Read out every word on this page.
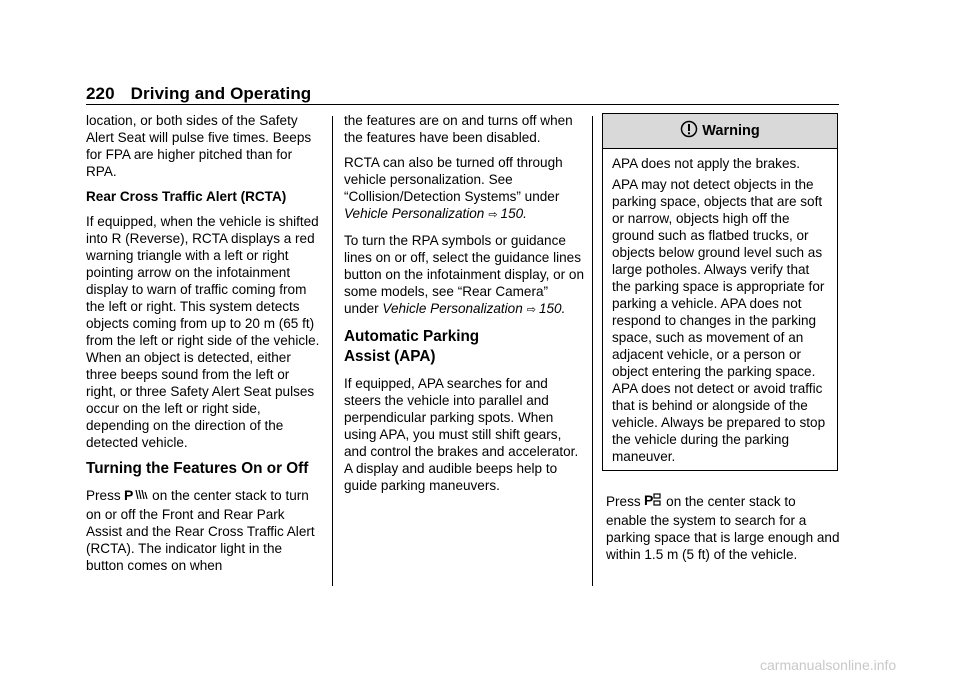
220 Driving and Operating

location, or both sides of the Safety Alert Seat will pulse five times. Beeps for FPA are higher pitched than for RPA.

Rear Cross Traffic Alert (RCTA)

If equipped, when the vehicle is shifted into R (Reverse), RCTA displays a red warning triangle with a left or right pointing arrow on the infotainment display to warn of traffic coming from the left or right. This system detects objects coming from up to 20 m (65 ft) from the left or right side of the vehicle. When an object is detected, either three beeps sound from the left or right, or three Safety Alert Seat pulses occur on the left or right side, depending on the direction of the detected vehicle.

Turning the Features On or Off

Press P on the center stack to turn on or off the Front and Rear Park Assist and the Rear Cross Traffic Alert (RCTA). The indicator light in the button comes on when

the features are on and turns off when the features have been disabled.

RCTA can also be turned off through vehicle personalization. See “Collision/Detection Systems” under Vehicle Personalization ⇨ 150.

To turn the RPA symbols or guidance lines on or off, select the guidance lines button on the infotainment display, or on some models, see “Rear Camera” under Vehicle Personalization ⇨ 150.

Automatic Parking
Assist (APA)

If equipped, APA searches for and steers the vehicle into parallel and perpendicular parking spots. When using APA, you must still shift gears, and control the brakes and accelerator. A display and audible beeps help to guide parking maneuvers.

Warning

APA does not apply the brakes.

APA may not detect objects in the parking space, objects that are soft or narrow, objects high off the ground such as flatbed trucks, or objects below ground level such as large potholes. Always verify that the parking space is appropriate for parking a vehicle. APA does not respond to changes in the parking space, such as movement of an adjacent vehicle, or a person or object entering the parking space. APA does not detect or avoid traffic that is behind or alongside of the vehicle. Always be prepared to stop the vehicle during the parking maneuver.

Press P on the center stack to enable the system to search for a parking space that is large enough and within 1.5 m (5 ft) of the vehicle.

carmanualsonline.info
